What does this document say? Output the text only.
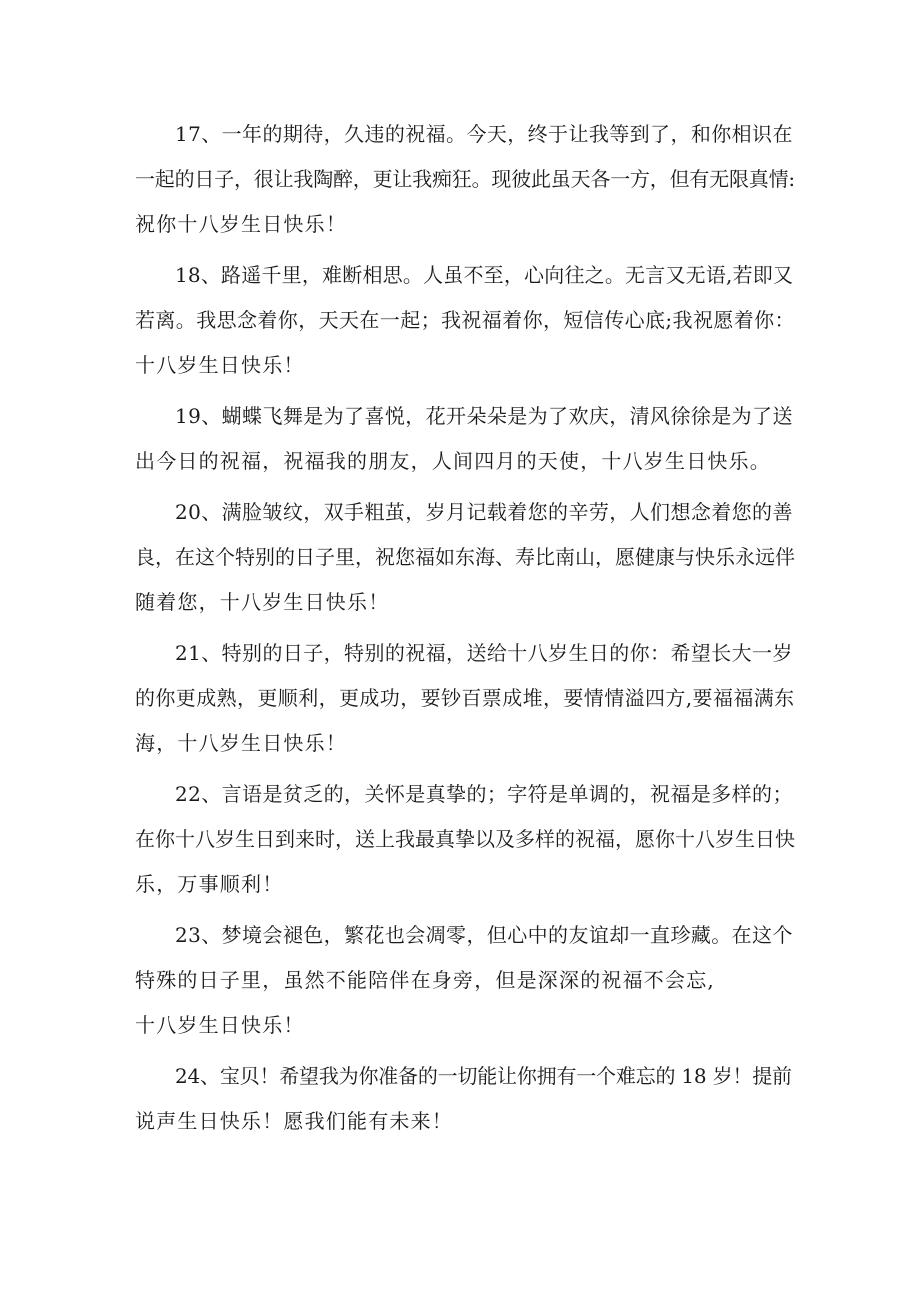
17、一年的期待，久违的祝福。今天，终于让我等到了，和你相识在
一起的日子，很让我陶醉，更让我痴狂。现彼此虽天各一方，但有无限真情:
祝你十八岁生日快乐！
18、路遥千里，难断相思。人虽不至，心向往之。无言又无语,若即又
若离。我思念着你，天天在一起；我祝福着你，短信传心底;我祝愿着你：
十八岁生日快乐！
19、蝴蝶飞舞是为了喜悦，花开朵朵是为了欢庆，清风徐徐是为了送
出今日的祝福，祝福我的朋友，人间四月的天使，十八岁生日快乐。
20、满脸皱纹，双手粗茧，岁月记载着您的辛劳，人们想念着您的善
良，在这个特别的日子里，祝您福如东海、寿比南山，愿健康与快乐永远伴
随着您，十八岁生日快乐！
21、特别的日子，特别的祝福，送给十八岁生日的你：希望长大一岁
的你更成熟，更顺利，更成功，要钞百票成堆，要情情溢四方,要福福满东
海，十八岁生日快乐！
22、言语是贫乏的，关怀是真挚的；字符是单调的，祝福是多样的；
在你十八岁生日到来时，送上我最真挚以及多样的祝福，愿你十八岁生日快
乐，万事顺利！
23、梦境会褪色，繁花也会凋零，但心中的友谊却一直珍藏。在这个
特殊的日子里，虽然不能陪伴在身旁，但是深深的祝福不会忘,
十八岁生日快乐！
24、宝贝！希望我为你准备的一切能让你拥有一个难忘的 18 岁！提前
说声生日快乐！愿我们能有未来！
